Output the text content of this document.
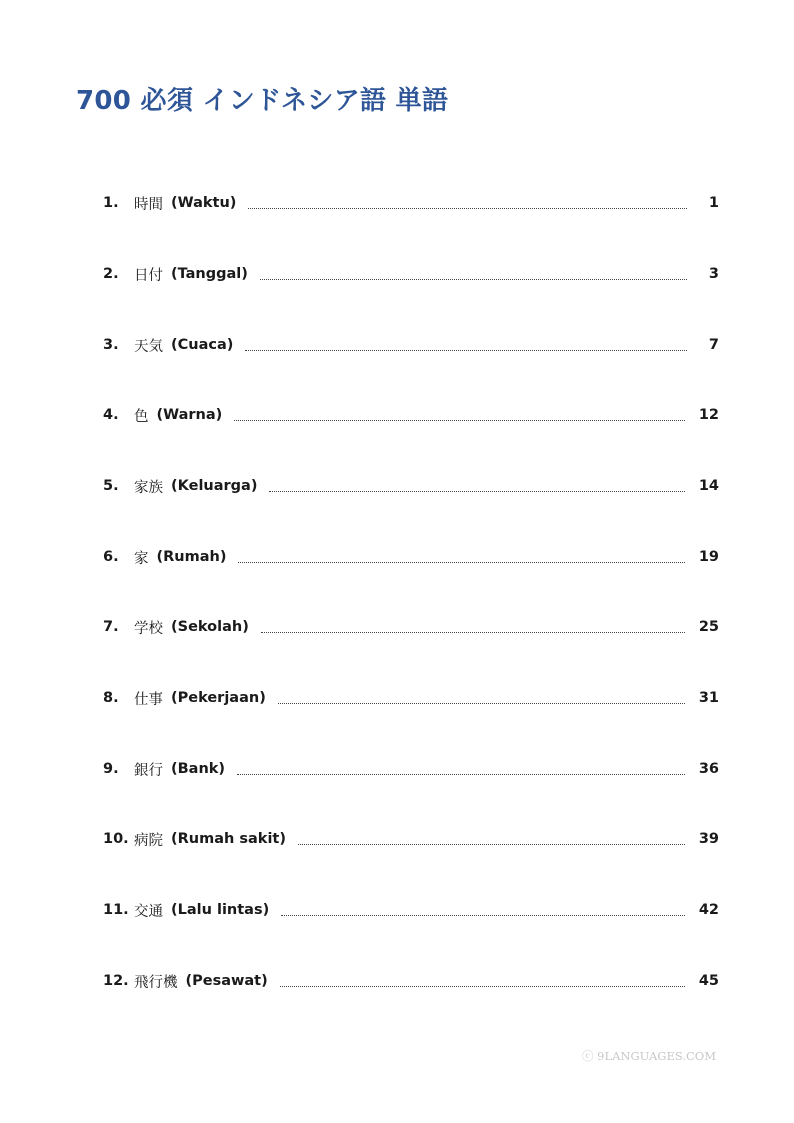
700 必須 インドネシア語 単語
1.	時間 (Waktu)	1
2.	日付 (Tanggal)	3
3.	天気 (Cuaca)	7
4.	色 (Warna)	12
5.	家族 (Keluarga)	14
6.	家 (Rumah)	19
7.	学校 (Sekolah)	25
8.	仕事 (Pekerjaan)	31
9.	銀行 (Bank)	36
10. 病院 (Rumah sakit)	39
11. 交通 (Lalu lintas)	42
12. 飛行機 (Pesawat)	45
ⓒ 9LANGUAGES.COM
